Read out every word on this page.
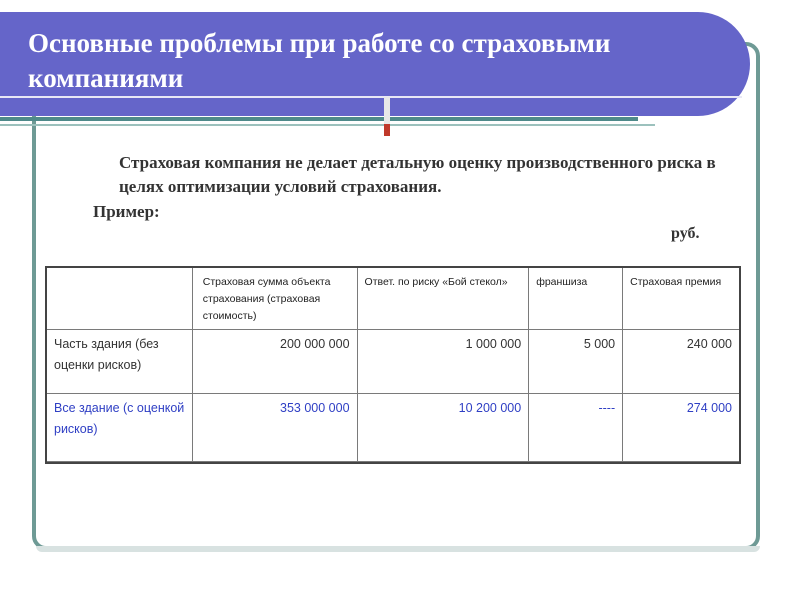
Основные проблемы при работе со страховыми компаниями
Страховая компания не делает детальную оценку производственного риска в целях оптимизации условий страхования.
Пример:
руб.
	Страховая сумма объекта страхования (страховая стоимость)	Ответ. по риску «Бой стекол»	франшиза	Страховая премия
Часть здания (без оценки рисков)	200 000 000	1 000 000	5 000	240 000
Все здание (с оценкой рисков)	353 000 000	10 200 000	----	274 000
